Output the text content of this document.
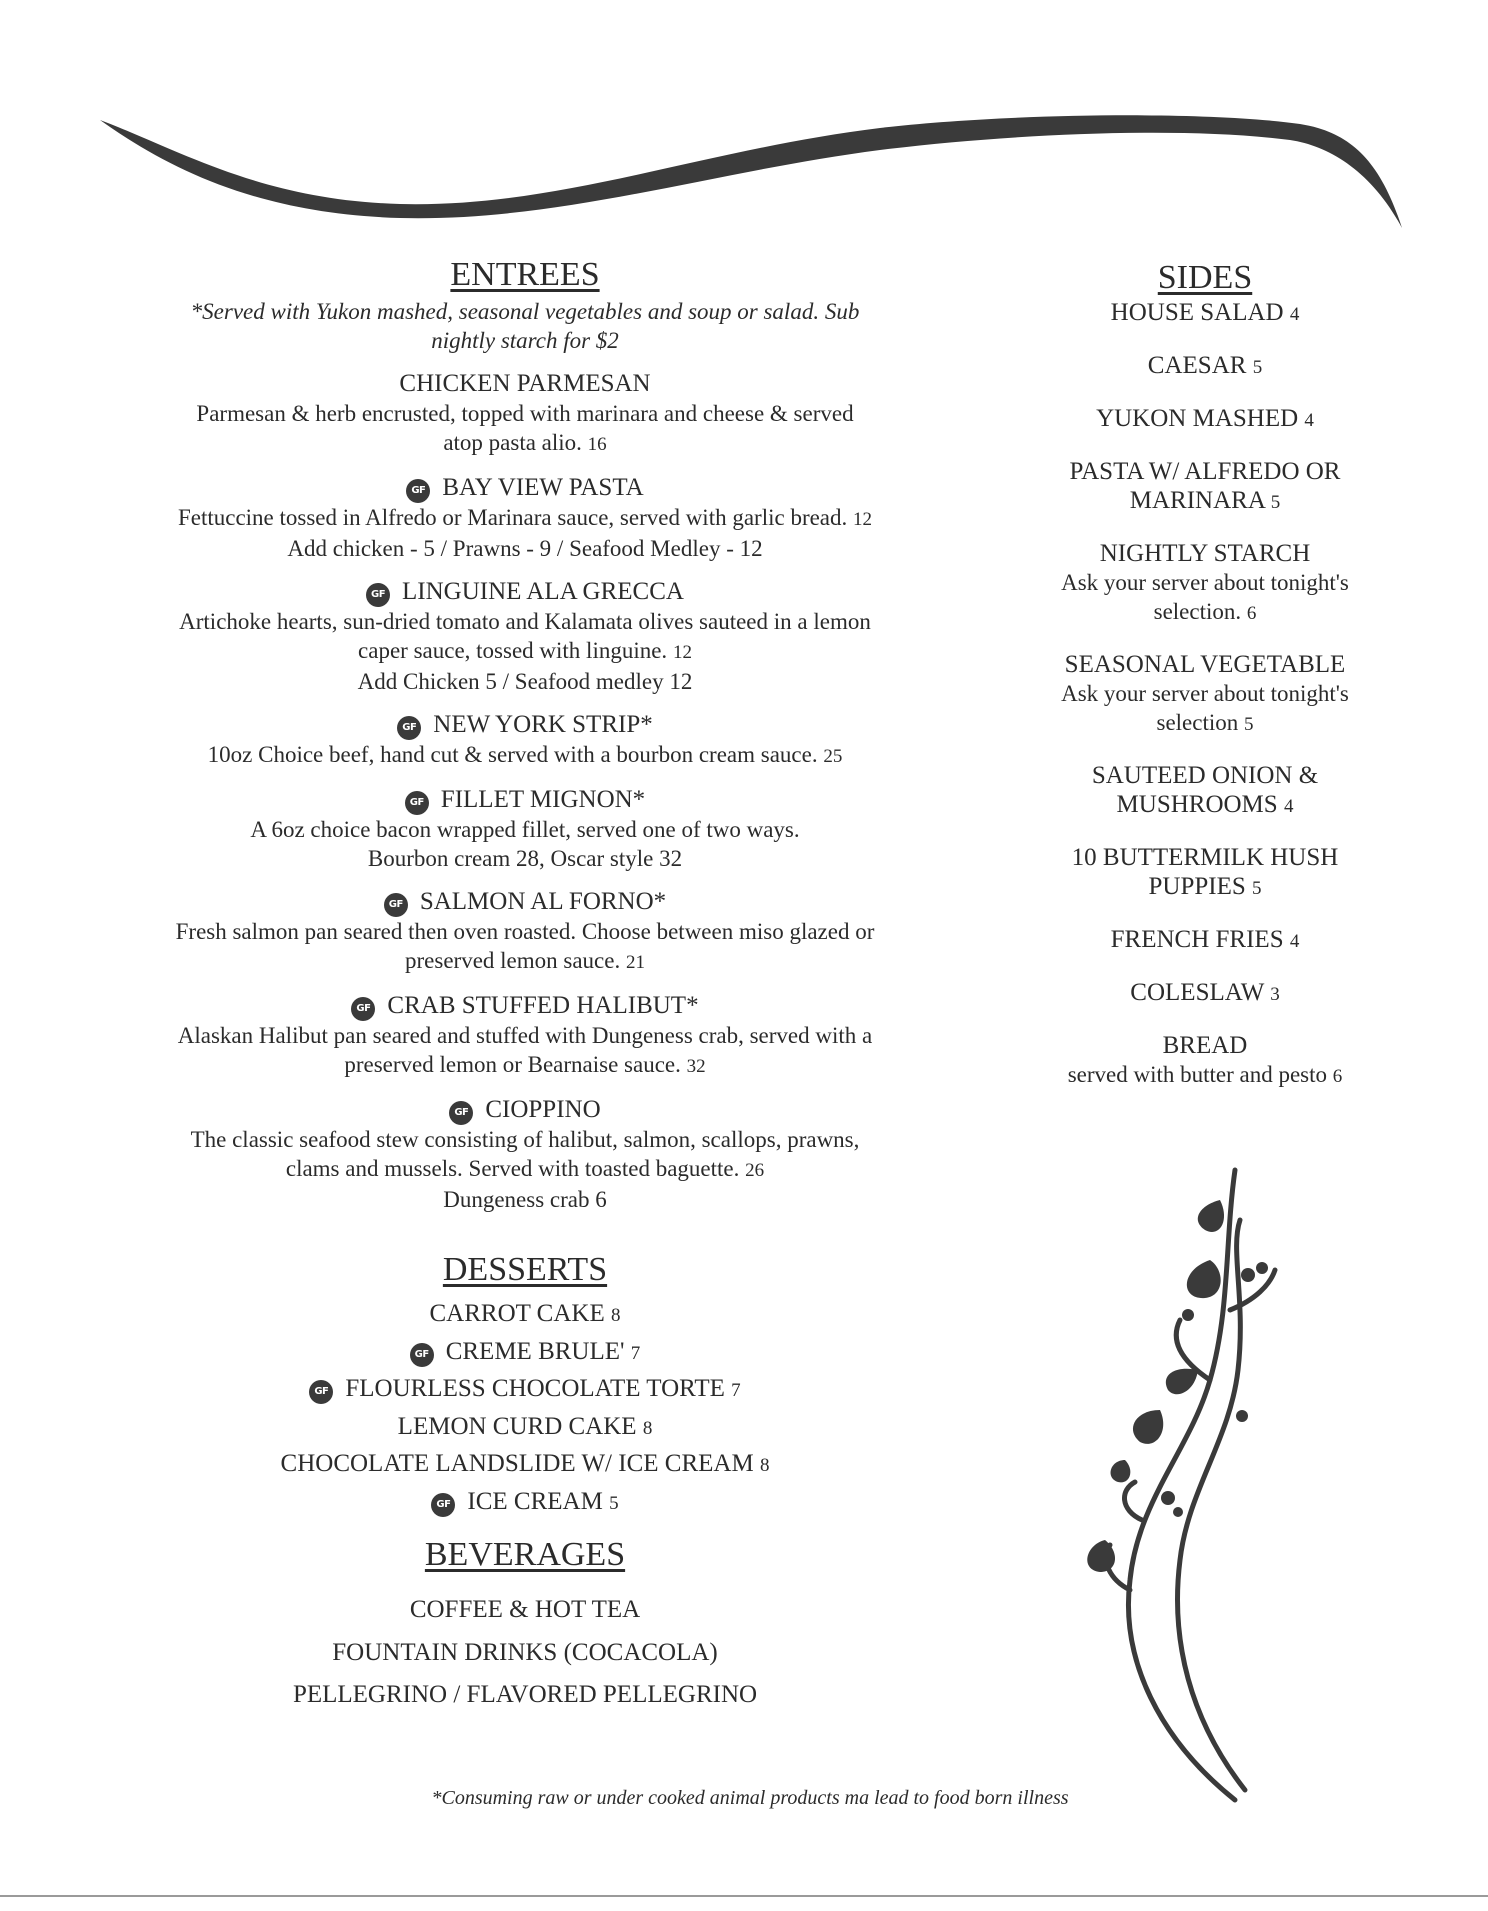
ENTREES
*Served with Yukon mashed, seasonal vegetables and soup or salad. Sub nightly starch for $2
CHICKEN PARMESAN
Parmesan & herb encrusted, topped with marinara and cheese & served
atop pasta alio. 16
GF BAY VIEW PASTA
Fettuccine tossed in Alfredo or Marinara sauce, served with garlic bread. 12
Add chicken - 5 / Prawns - 9 / Seafood Medley - 12
GF LINGUINE ALA GRECCA
Artichoke hearts, sun-dried tomato and Kalamata olives sauteed in a lemon
caper sauce, tossed with linguine. 12
Add Chicken 5 / Seafood medley 12
GF NEW YORK STRIP*
10oz Choice beef, hand cut & served with a bourbon cream sauce. 25
GF FILLET MIGNON*
A 6oz choice bacon wrapped fillet, served one of two ways.
Bourbon cream 28, Oscar style 32
GF SALMON AL FORNO*
Fresh salmon pan seared then oven roasted. Choose between miso glazed or
preserved lemon sauce. 21
GF CRAB STUFFED HALIBUT*
Alaskan Halibut pan seared and stuffed with Dungeness crab, served with a
preserved lemon or Bearnaise sauce. 32
GF CIOPPINO
The classic seafood stew consisting of halibut, salmon, scallops, prawns,
clams and mussels. Served with toasted baguette. 26
Dungeness crab 6
DESSERTS
CARROT CAKE 8
GF CREME BRULE' 7
GF FLOURLESS CHOCOLATE TORTE 7
LEMON CURD CAKE 8
CHOCOLATE LANDSLIDE W/ ICE CREAM 8
GF ICE CREAM 5
BEVERAGES
COFFEE & HOT TEA
FOUNTAIN DRINKS (COCACOLA)
PELLEGRINO / FLAVORED PELLEGRINO
SIDES
HOUSE SALAD 4
CAESAR 5
YUKON MASHED 4
PASTA W/ ALFREDO OR
MARINARA 5
NIGHTLY STARCH
Ask your server about tonight's
selection. 6
SEASONAL VEGETABLE
Ask your server about tonight's
selection 5
SAUTEED ONION &
MUSHROOMS 4
10 BUTTERMILK HUSH
PUPPIES 5
FRENCH FRIES 4
COLESLAW 3
BREAD
served with butter and pesto 6
*Consuming raw or under cooked animal products ma lead to food born illness
